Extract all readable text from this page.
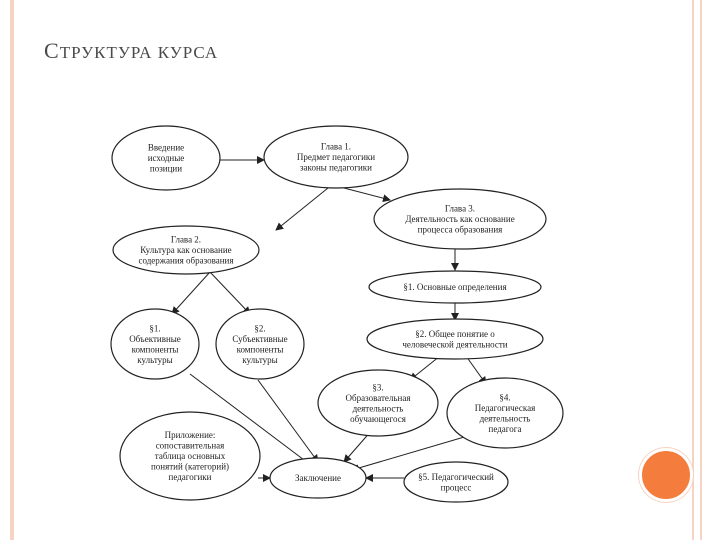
СТРУКТУРА КУРСА
Введение исходные позиции
Глава 1. Предмет педагогики законы педагогики
Глава 3. Деятельность как основание процесса образования
Глава 2. Культура как основание содержания образования
§1. Основные определения
§1. Объективные компоненты культуры
§2. Субъективные компоненты культуры
§2. Общее понятие о человеческой деятельности
§3. Образовательная деятельность обучающегося
§4. Педагогическая деятельность педагога
Приложение: сопоставительная таблица основных понятий (категорий) педагогики	Заключение	§5. Педагогический процесс
